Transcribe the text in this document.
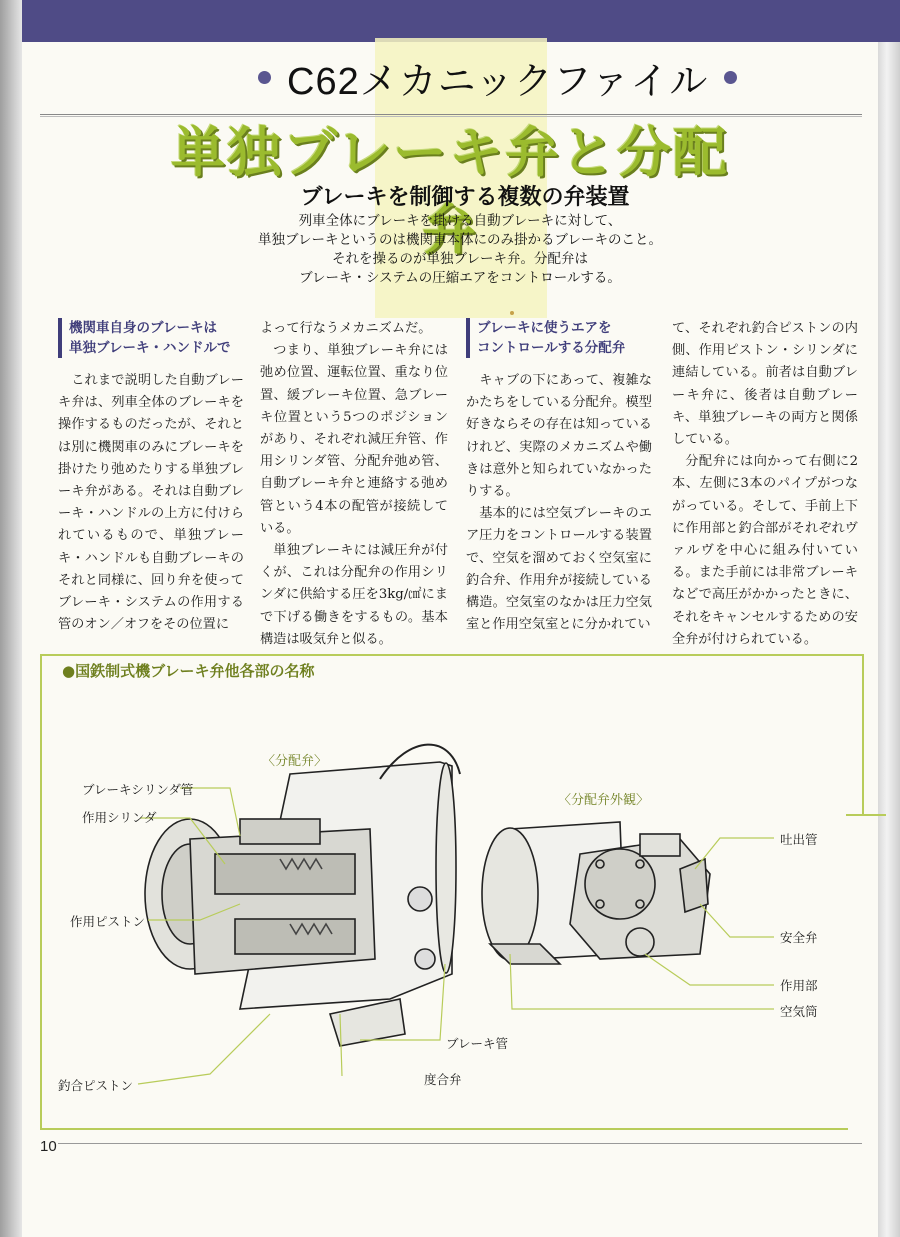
C62メカニックファイル
単独ブレーキ弁と分配弁
ブレーキを制御する複数の弁装置
列車全体にブレーキを掛ける自動ブレーキに対して、
単独ブレーキというのは機関車本体にのみ掛かるブレーキのこと。
それを操るのが単独ブレーキ弁。分配弁は
ブレーキ・システムの圧縮エアをコントロールする。
機関車自身のブレーキは
単独ブレーキ・ハンドルで

これまで説明した自動ブレーキ弁は、列車全体のブレーキを操作するものだったが、それとは別に機関車のみにブレーキを掛けたり弛めたりする単独ブレーキ弁がある。それは自動ブレーキ・ハンドルの上方に付けられているもので、単独ブレーキ・ハンドルも自動ブレーキのそれと同様に、回り弁を使ってブレーキ・システムの作用する管のオン／オフをその位置に

よって行なうメカニズムだ。

つまり、単独ブレーキ弁には弛め位置、運転位置、重なり位置、緩ブレーキ位置、急ブレーキ位置という5つのポジションがあり、それぞれ減圧弁管、作用シリンダ管、分配弁弛め管、自動ブレーキ弁と連絡する弛め管という4本の配管が接続している。

単独ブレーキには減圧弁が付くが、これは分配弁の作用シリンダに供給する圧を3kg/㎠にまで下げる働きをするもの。基本構造は吸気弁と似る。

ブレーキに使うエアを
コントロールする分配弁

キャブの下にあって、複雑なかたちをしている分配弁。模型好きならその存在は知っているけれど、実際のメカニズムや働きは意外と知られていなかったりする。

基本的には空気ブレーキのエア圧力をコントロールする装置で、空気を溜めておく空気室に釣合弁、作用弁が接続している構造。空気室のなかは圧力空気室と作用空気室とに分かれてい

て、それぞれ釣合ピストンの内側、作用ピストン・シリンダに連結している。前者は自動ブレーキ弁に、後者は自動ブレーキ、単独ブレーキの両方と関係している。

分配弁には向かって右側に2本、左側に3本のパイプがつながっている。そして、手前上下に作用部と釣合部がそれぞれヴァルヴを中心に組み付いている。また手前には非常ブレーキなどで高圧がかかったときに、それをキャンセルするための安全弁が付けられている。

●国鉄制式機ブレーキ弁他各部の名称
〈分配弁〉
〈分配弁外観〉
ブレーキシリンダ管
作用シリンダ
作用ピストン
釣合ピストン
ブレーキ管
度合弁
吐出管
安全弁
作用部
空気筒
10
